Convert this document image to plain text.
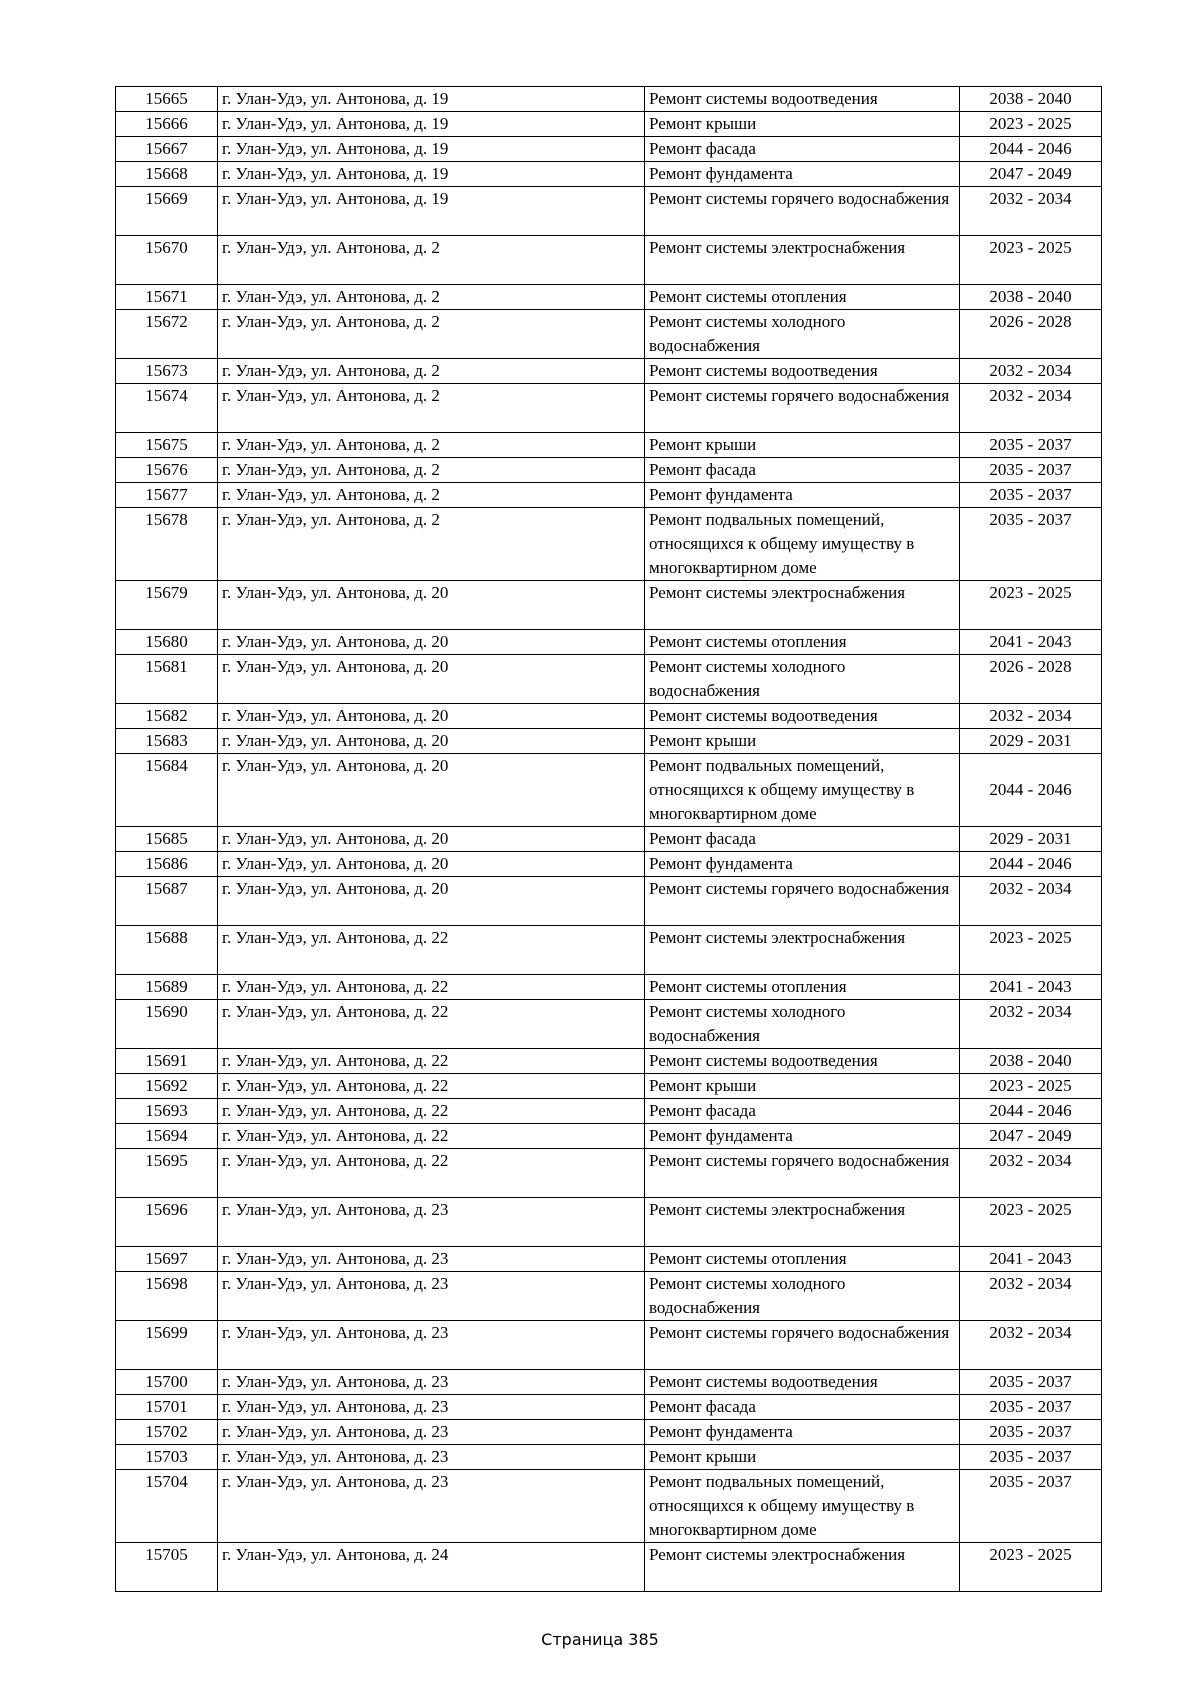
15665	г. Улан-Удэ, ул. Антонова, д. 19	Ремонт системы водоотведения	2038 - 2040
15666	г. Улан-Удэ, ул. Антонова, д. 19	Ремонт крыши	2023 - 2025
15667	г. Улан-Удэ, ул. Антонова, д. 19	Ремонт фасада	2044 - 2046
15668	г. Улан-Удэ, ул. Антонова, д. 19	Ремонт фундамента	2047 - 2049
15669	г. Улан-Удэ, ул. Антонова, д. 19	Ремонт системы горячего водоснабжения	2032 - 2034
15670	г. Улан-Удэ, ул. Антонова, д. 2	Ремонт системы электроснабжения	2023 - 2025
15671	г. Улан-Удэ, ул. Антонова, д. 2	Ремонт системы отопления	2038 - 2040
15672	г. Улан-Удэ, ул. Антонова, д. 2	Ремонт системы холодного водоснабжения	2026 - 2028
15673	г. Улан-Удэ, ул. Антонова, д. 2	Ремонт системы водоотведения	2032 - 2034
15674	г. Улан-Удэ, ул. Антонова, д. 2	Ремонт системы горячего водоснабжения	2032 - 2034
15675	г. Улан-Удэ, ул. Антонова, д. 2	Ремонт крыши	2035 - 2037
15676	г. Улан-Удэ, ул. Антонова, д. 2	Ремонт фасада	2035 - 2037
15677	г. Улан-Удэ, ул. Антонова, д. 2	Ремонт фундамента	2035 - 2037
15678	г. Улан-Удэ, ул. Антонова, д. 2	Ремонт подвальных помещений, относящихся к общему имуществу в многоквартирном доме	2035 - 2037
15679	г. Улан-Удэ, ул. Антонова, д. 20	Ремонт системы электроснабжения	2023 - 2025
15680	г. Улан-Удэ, ул. Антонова, д. 20	Ремонт системы отопления	2041 - 2043
15681	г. Улан-Удэ, ул. Антонова, д. 20	Ремонт системы холодного водоснабжения	2026 - 2028
15682	г. Улан-Удэ, ул. Антонова, д. 20	Ремонт системы водоотведения	2032 - 2034
15683	г. Улан-Удэ, ул. Антонова, д. 20	Ремонт крыши	2029 - 2031
15684	г. Улан-Удэ, ул. Антонова, д. 20	Ремонт подвальных помещений, относящихся к общему имуществу в многоквартирном доме	2044 - 2046
15685	г. Улан-Удэ, ул. Антонова, д. 20	Ремонт фасада	2029 - 2031
15686	г. Улан-Удэ, ул. Антонова, д. 20	Ремонт фундамента	2044 - 2046
15687	г. Улан-Удэ, ул. Антонова, д. 20	Ремонт системы горячего водоснабжения	2032 - 2034
15688	г. Улан-Удэ, ул. Антонова, д. 22	Ремонт системы электроснабжения	2023 - 2025
15689	г. Улан-Удэ, ул. Антонова, д. 22	Ремонт системы отопления	2041 - 2043
15690	г. Улан-Удэ, ул. Антонова, д. 22	Ремонт системы холодного водоснабжения	2032 - 2034
15691	г. Улан-Удэ, ул. Антонова, д. 22	Ремонт системы водоотведения	2038 - 2040
15692	г. Улан-Удэ, ул. Антонова, д. 22	Ремонт крыши	2023 - 2025
15693	г. Улан-Удэ, ул. Антонова, д. 22	Ремонт фасада	2044 - 2046
15694	г. Улан-Удэ, ул. Антонова, д. 22	Ремонт фундамента	2047 - 2049
15695	г. Улан-Удэ, ул. Антонова, д. 22	Ремонт системы горячего водоснабжения	2032 - 2034
15696	г. Улан-Удэ, ул. Антонова, д. 23	Ремонт системы электроснабжения	2023 - 2025
15697	г. Улан-Удэ, ул. Антонова, д. 23	Ремонт системы отопления	2041 - 2043
15698	г. Улан-Удэ, ул. Антонова, д. 23	Ремонт системы холодного водоснабжения	2032 - 2034
15699	г. Улан-Удэ, ул. Антонова, д. 23	Ремонт системы горячего водоснабжения	2032 - 2034
15700	г. Улан-Удэ, ул. Антонова, д. 23	Ремонт системы водоотведения	2035 - 2037
15701	г. Улан-Удэ, ул. Антонова, д. 23	Ремонт фасада	2035 - 2037
15702	г. Улан-Удэ, ул. Антонова, д. 23	Ремонт фундамента	2035 - 2037
15703	г. Улан-Удэ, ул. Антонова, д. 23	Ремонт крыши	2035 - 2037
15704	г. Улан-Удэ, ул. Антонова, д. 23	Ремонт подвальных помещений, относящихся к общему имуществу в многоквартирном доме	2035 - 2037
15705	г. Улан-Удэ, ул. Антонова, д. 24	Ремонт системы электроснабжения	2023 - 2025
Страница 385
